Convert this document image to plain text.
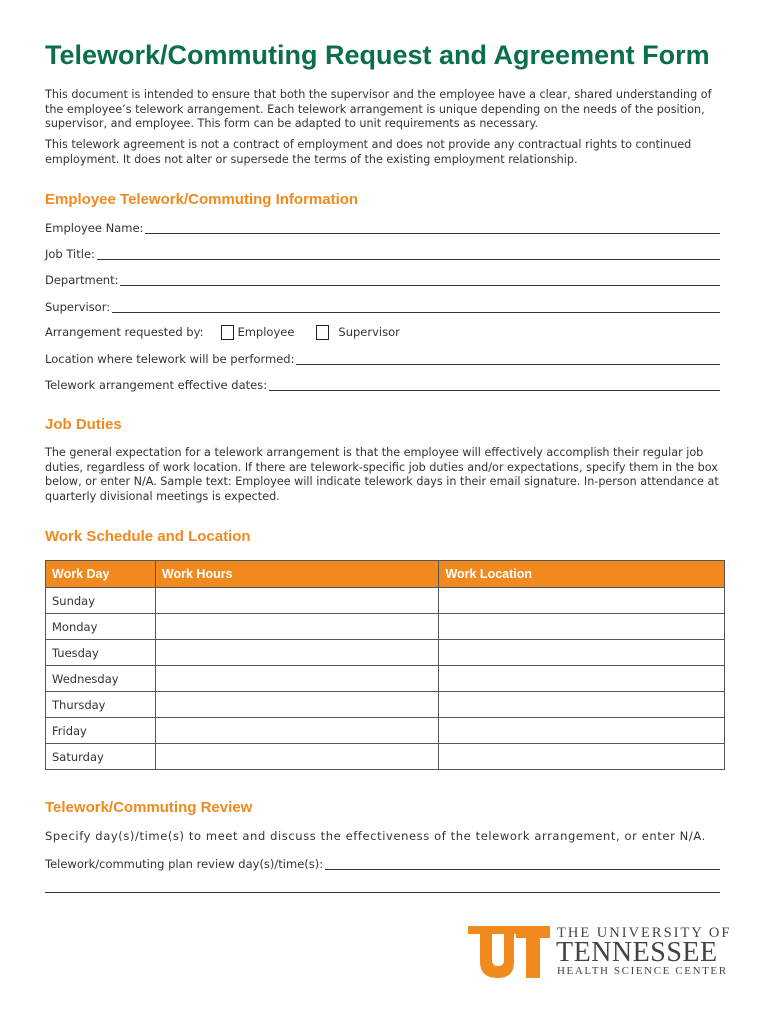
Telework/Commuting Request and Agreement Form

This document is intended to ensure that both the supervisor and the employee have a clear, shared understanding of the employee’s telework arrangement. Each telework arrangement is unique depending on the needs of the position, supervisor, and employee. This form can be adapted to unit requirements as necessary.

This telework agreement is not a contract of employment and does not provide any contractual rights to continued employment. It does not alter or supersede the terms of the existing employment relationship.

Employee Telework/Commuting Information
Employee Name:
Job Title:
Department:
Supervisor:
Arrangement requested by:	Employee	Supervisor
Location where telework will be performed:
Telework arrangement effective dates:
Job Duties

The general expectation for a telework arrangement is that the employee will effectively accomplish their regular job duties, regardless of work location. If there are telework-specific job duties and/or expectations, specify them in the box below, or enter N/A. Sample text: Employee will indicate telework days in their email signature. In-person attendance at quarterly divisional meetings is expected.

Work Schedule and Location
Work Day	Work Hours	Work Location
Sunday		
Monday		
Tuesday		
Wednesday		
Thursday		
Friday		
Saturday		
Telework/Commuting Review

Specify day(s)/time(s) to meet and discuss the effectiveness of the telework arrangement, or enter N/A.

Telework/commuting plan review day(s)/time(s):
THE UNIVERSITY OF
TENNESSEE
HEALTH SCIENCE CENTER
